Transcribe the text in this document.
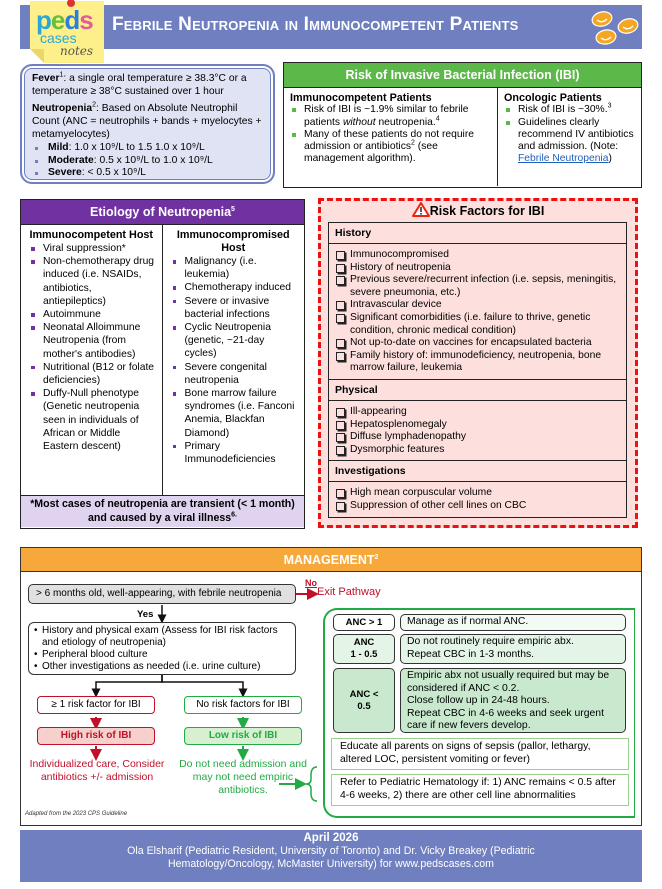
peds
cases
notes
Febrile Neutropenia in Immunocompetent Patients

Fever$^1$: a single oral temperature ≥ 38.3°C or a temperature ≥ 38°C sustained over 1 hour

Neutropenia$^2$: Based on Absolute Neutrophil Count (ANC = neutrophils + bands + myelocytes + metamyelocytes)

Mild: 1.0 x 10⁹/L to 1.5 1.0 x 10⁹/L
Moderate: 0.5 x 10⁹/L to 1.0 x 10⁹/L
Severe: < 0.5 x 10⁹/L
Risk of Invasive Bacterial Infection (IBI)
Immunocompetent Patients
Risk of IBI is ~1.9% similar to febrile patients without neutropenia.$^4$
Many of these patients do not require admission or antibiotics$^2$ (see management algorithm).
Oncologic Patients
Risk of IBI is ~30%.$^3$
Guidelines clearly recommend IV antibiotics and admission. (Note: Febrile Neutropenia)
Etiology of Neutropenia$^5$
Immunocompetent Host
Viral suppression*
Non-chemotherapy drug induced (i.e. NSAIDs, antibiotics, antiepileptics)
Autoimmune
Neonatal Alloimmune Neutropenia (from mother's antibodies)
Nutritional (B12 or folate deficiencies)
Duffy-Null phenotype (Genetic neutropenia seen in individuals of African or Middle Eastern descent)
Immunocompromised Host
Malignancy (i.e. leukemia)
Chemotherapy induced
Severe or invasive bacterial infections
Cyclic Neutropenia (genetic, ~21-day cycles)
Severe congenital neutropenia
Bone marrow failure syndromes (i.e. Fanconi Anemia, Blackfan Diamond)
Primary Immunodeficiencies
*Most cases of neutropenia are transient (< 1 month) and caused by a viral illness$^{6.}$
Risk Factors for IBI
History
Immunocompromised
History of neutropenia
Previous severe/recurrent infection (i.e. sepsis, meningitis, severe pneumonia, etc.)
Intravascular device
Significant comorbidities (i.e. failure to thrive, genetic condition, chronic medical condition)
Not up-to-date on vaccines for encapsulated bacteria
Family history of: immunodeficiency, neutropenia, bone marrow failure, leukemia
Physical
Ill-appearing
Hepatosplenomegaly
Diffuse lymphadenopathy
Dysmorphic features
Investigations
High mean corpuscular volume
Suppression of other cell lines on CBC
$MANAGEMENT^2$
> 6 months old, well-appearing, with febrile neutropenia
No
Exit Pathway
Yes
• History and physical exam (Assess for IBI risk factors and etiology of neutropenia)
• Peripheral blood culture
• Other investigations as needed (i.e. urine culture)
≥ 1 risk factor for IBI
High risk of IBI
Individualized care, Consider antibiotics +/- admission
No risk factors for IBI
Low risk of IBI
Do not need admission and may not need empiric antibiotics.
Adapted from the 2023 CPS Guideline
ANC > 1	Manage as if normal ANC.
ANC
1 - 0.5
Do not routinely require empiric abx.
Repeat CBC in 1-3 months.
ANC <
0.5
Empiric abx not usually required but may be considered if ANC < 0.2.
Close follow up in 24-48 hours.
Repeat CBC in 4-6 weeks and seek urgent care if new fevers develop.
Educate all parents on signs of sepsis (pallor, lethargy, altered LOC, persistent vomiting or fever)
Refer to Pediatric Hematology if: 1) ANC remains < 0.5 after 4-6 weeks, 2) there are other cell line abnormalities
April 2026
Ola Elsharif (Pediatric Resident, University of Toronto) and Dr. Vicky Breakey (Pediatric Hematology/Oncology, McMaster University) for www.pedscases.com
